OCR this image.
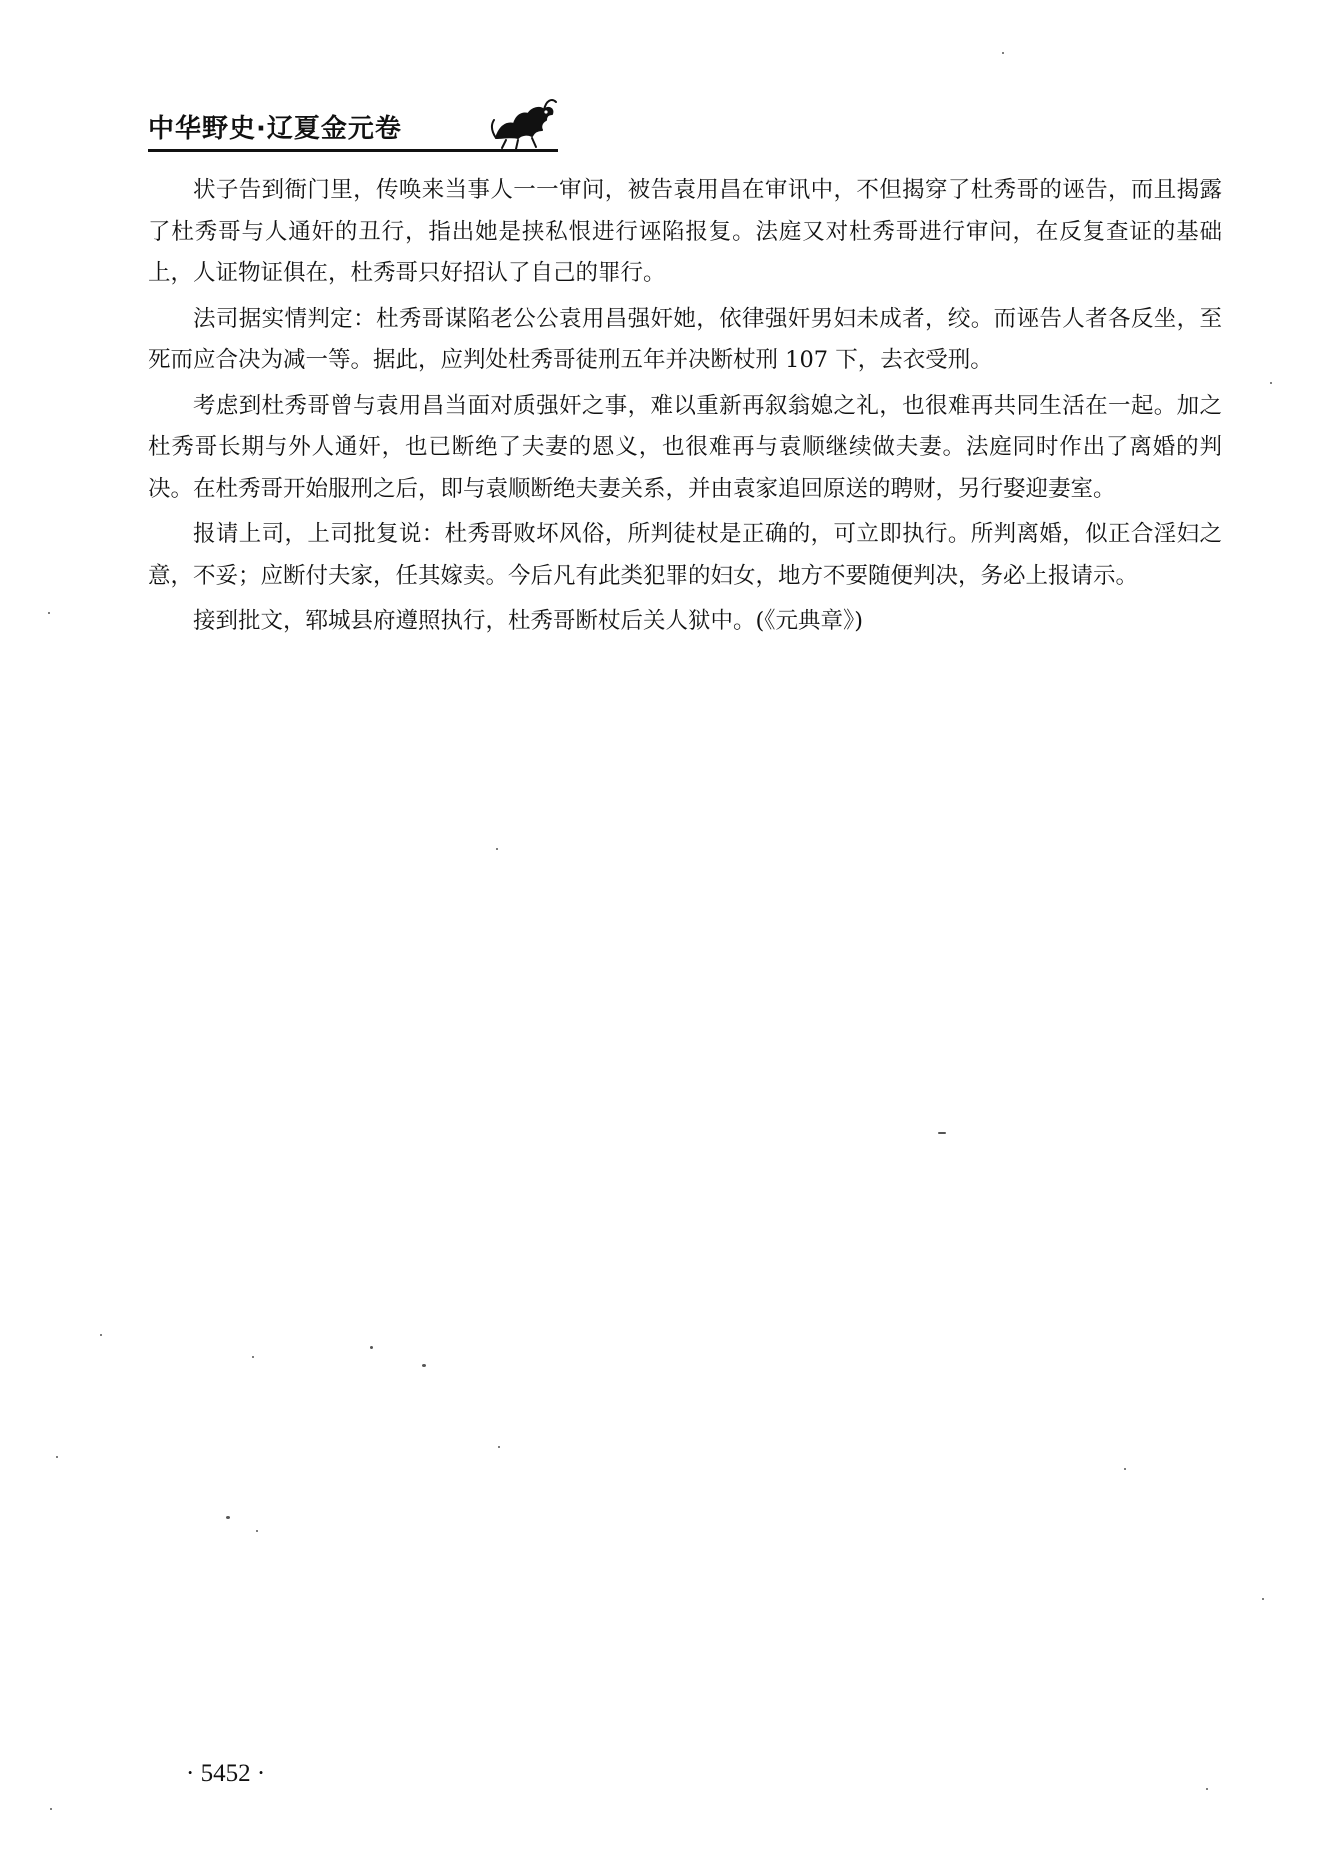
中华野史·辽夏金元卷

状子告到衙门里，传唤来当事人一一审问，被告袁用昌在审讯中，不但揭穿了杜秀哥的诬告，而且揭露了杜秀哥与人通奸的丑行，指出她是挟私恨进行诬陷报复。法庭又对杜秀哥进行审问，在反复查证的基础上，人证物证俱在，杜秀哥只好招认了自己的罪行。

法司据实情判定：杜秀哥谋陷老公公袁用昌强奸她，依律强奸男妇未成者，绞。而诬告人者各反坐，至死而应合决为减一等。据此，应判处杜秀哥徒刑五年并决断杖刑 107 下，去衣受刑。

考虑到杜秀哥曾与袁用昌当面对质强奸之事，难以重新再叙翁媳之礼，也很难再共同生活在一起。加之杜秀哥长期与外人通奸，也已断绝了夫妻的恩义，也很难再与袁顺继续做夫妻。法庭同时作出了离婚的判决。在杜秀哥开始服刑之后，即与袁顺断绝夫妻关系，并由袁家追回原送的聘财，另行娶迎妻室。

报请上司，上司批复说：杜秀哥败坏风俗，所判徒杖是正确的，可立即执行。所判离婚，似正合淫妇之意，不妥；应断付夫家，任其嫁卖。今后凡有此类犯罪的妇女，地方不要随便判决，务必上报请示。

接到批文，郓城县府遵照执行，杜秀哥断杖后关人狱中。(《元典章》)

· 5452 ·
